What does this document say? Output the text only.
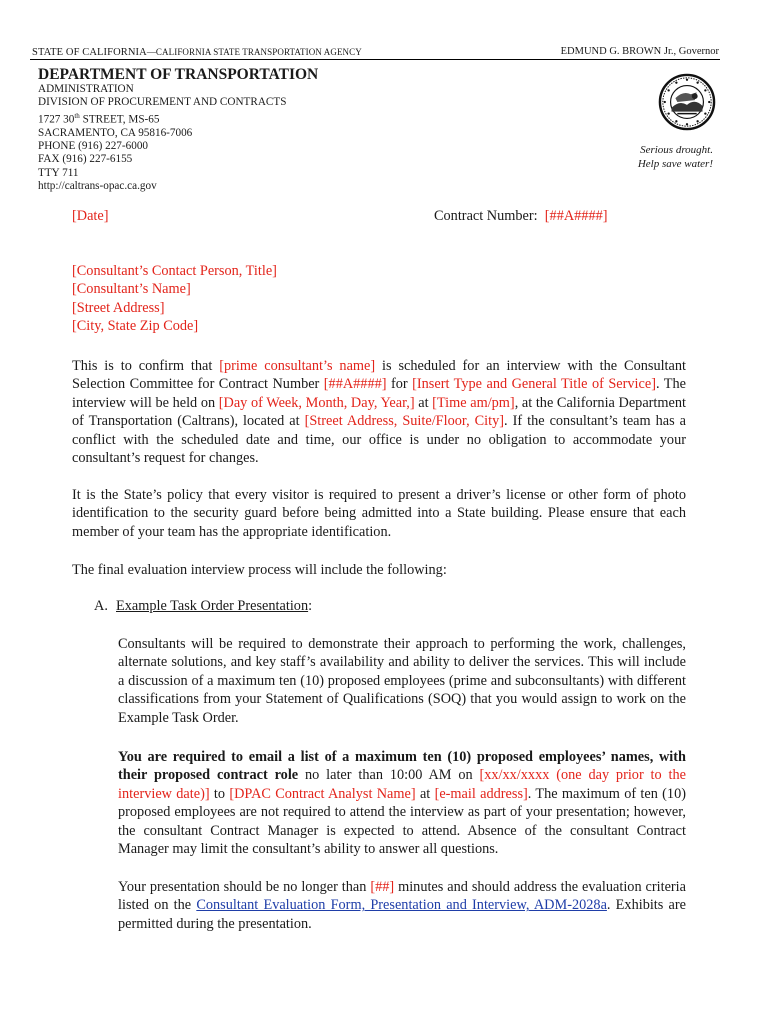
STATE OF CALIFORNIA—CALIFORNIA STATE TRANSPORTATION AGENCY	EDMUND G. BROWN Jr., Governor
DEPARTMENT OF TRANSPORTATION
ADMINISTRATION
DIVISION OF PROCUREMENT AND CONTRACTS
1727 30th STREET, MS-65
SACRAMENTO, CA 95816-7006
PHONE (916) 227-6000
FAX (916) 227-6155
TTY 711
http://caltrans-opac.ca.gov
Serious drought.
Help save water!
[Date]	Contract Number:  [##A####]
[Consultant’s Contact Person, Title]
[Consultant’s Name]
[Street Address]
[City, State Zip Code]
This is to confirm that [prime consultant’s name] is scheduled for an interview with the Consultant Selection Committee for Contract Number [##A####] for [Insert Type and General Title of Service]. The interview will be held on [Day of Week, Month, Day, Year,] at [Time am/pm], at the California Department of Transportation (Caltrans), located at [Street Address, Suite/Floor, City]. If the consultant’s team has a conflict with the scheduled date and time, our office is under no obligation to accommodate your consultant’s request for changes.
It is the State’s policy that every visitor is required to present a driver’s license or other form of photo identification to the security guard before being admitted into a State building. Please ensure that each member of your team has the appropriate identification.
The final evaluation interview process will include the following:
A. Example Task Order Presentation:
Consultants will be required to demonstrate their approach to performing the work, challenges, alternate solutions, and key staff’s availability and ability to deliver the services. This will include a discussion of a maximum ten (10) proposed employees (prime and subconsultants) with different classifications from your Statement of Qualifications (SOQ) that you would assign to work on the Example Task Order.
You are required to email a list of a maximum ten (10) proposed employees’ names, with their proposed contract role no later than 10:00 AM on [xx/xx/xxxx (one day prior to the interview date)] to [DPAC Contract Analyst Name] at [e-mail address]. The maximum of ten (10) proposed employees are not required to attend the interview as part of your presentation; however, the consultant Contract Manager is expected to attend. Absence of the consultant Contract Manager may limit the consultant’s ability to answer all questions.
Your presentation should be no longer than [##] minutes and should address the evaluation criteria listed on the Consultant Evaluation Form, Presentation and Interview, ADM-2028a. Exhibits are permitted during the presentation.
